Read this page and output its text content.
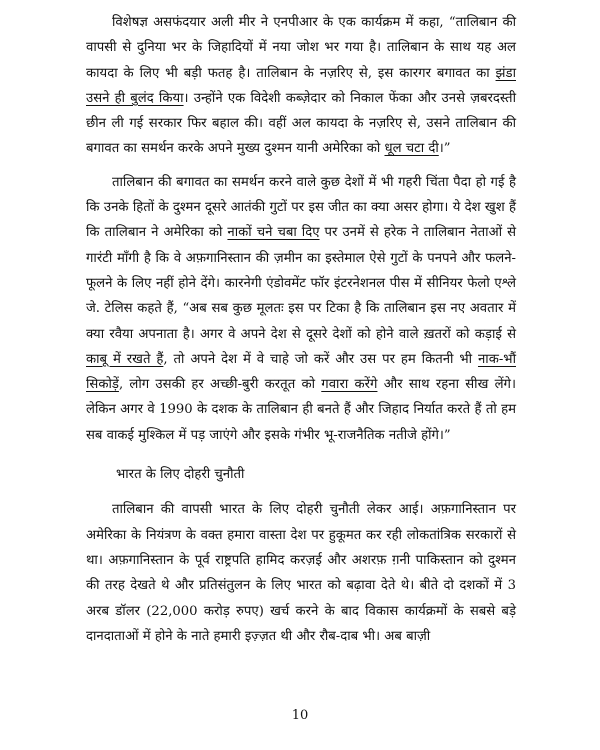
विशेषज्ञ असफंदयार अली मीर ने एनपीआर के एक कार्यक्रम में कहा, “तालिबान की वापसी से दुनिया भर के जिहादियों में नया जोश भर गया है। तालिबान के साथ यह अल कायदा के लिए भी बड़ी फतह है। तालिबान के नज़रिए से, इस कारगर बगावत का झंडा उसने ही बुलंद किया। उन्होंने एक विदेशी कब्ज़ेदार को निकाल फेंका और उनसे ज़बरदस्ती छीन ली गई सरकार फिर बहाल की। वहीं अल कायदा के नज़रिए से, उसने तालिबान की बगावत का समर्थन करके अपने मुख्य दुश्मन यानी अमेरिका को धूल चटा दी।”

तालिबान की बगावत का समर्थन करने वाले कुछ देशों में भी गहरी चिंता पैदा हो गई है कि उनके हितों के दुश्मन दूसरे आतंकी गुटों पर इस जीत का क्या असर होगा। ये देश खुश हैं कि तालिबान ने अमेरिका को नाकों चने चबा दिए पर उनमें से हरेक ने तालिबान नेताओं से गारंटी माँगी है कि वे अफ़गानिस्तान की ज़मीन का इस्तेमाल ऐसे गुटों के पनपने और फलने-फूलने के लिए नहीं होने देंगे। कारनेगी एंडोवमेंट फॉर इंटरनेशनल पीस में सीनियर फेलो एश्ले जे. टेलिस कहते हैं, “अब सब कुछ मूलतः इस पर टिका है कि तालिबान इस नए अवतार में क्या रवैया अपनाता है। अगर वे अपने देश से दूसरे देशों को होने वाले ख़तरों को कड़ाई से काबू में रखते हैं, तो अपने देश में वे चाहे जो करें और उस पर हम कितनी भी नाक-भौं सिकोड़ें, लोग उसकी हर अच्छी-बुरी करतूत को गवारा करेंगे और साथ रहना सीख लेंगे। लेकिन अगर वे 1990 के दशक के तालिबान ही बनते हैं और जिहाद निर्यात करते हैं तो हम सब वाकई मुश्किल में पड़ जाएंगे और इसके गंभीर भू-राजनैतिक नतीजे होंगे।”

भारत के लिए दोहरी चुनौती

तालिबान की वापसी भारत के लिए दोहरी चुनौती लेकर आई। अफ़गानिस्तान पर अमेरिका के नियंत्रण के वक्त हमारा वास्ता देश पर हुकूमत कर रही लोकतांत्रिक सरकारों से था। अफ़गानिस्तान के पूर्व राष्ट्रपति हामिद करज़ई और अशरफ़ ग़नी पाकिस्तान को दुश्मन की तरह देखते थे और प्रतिसंतुलन के लिए भारत को बढ़ावा देते थे। बीते दो दशकों में 3 अरब डॉलर (22,000 करोड़ रुपए) खर्च करने के बाद विकास कार्यक्रमों के सबसे बड़े दानदाताओं में होने के नाते हमारी इज़्ज़त थी और रौब-दाब भी। अब बाज़ी

10
